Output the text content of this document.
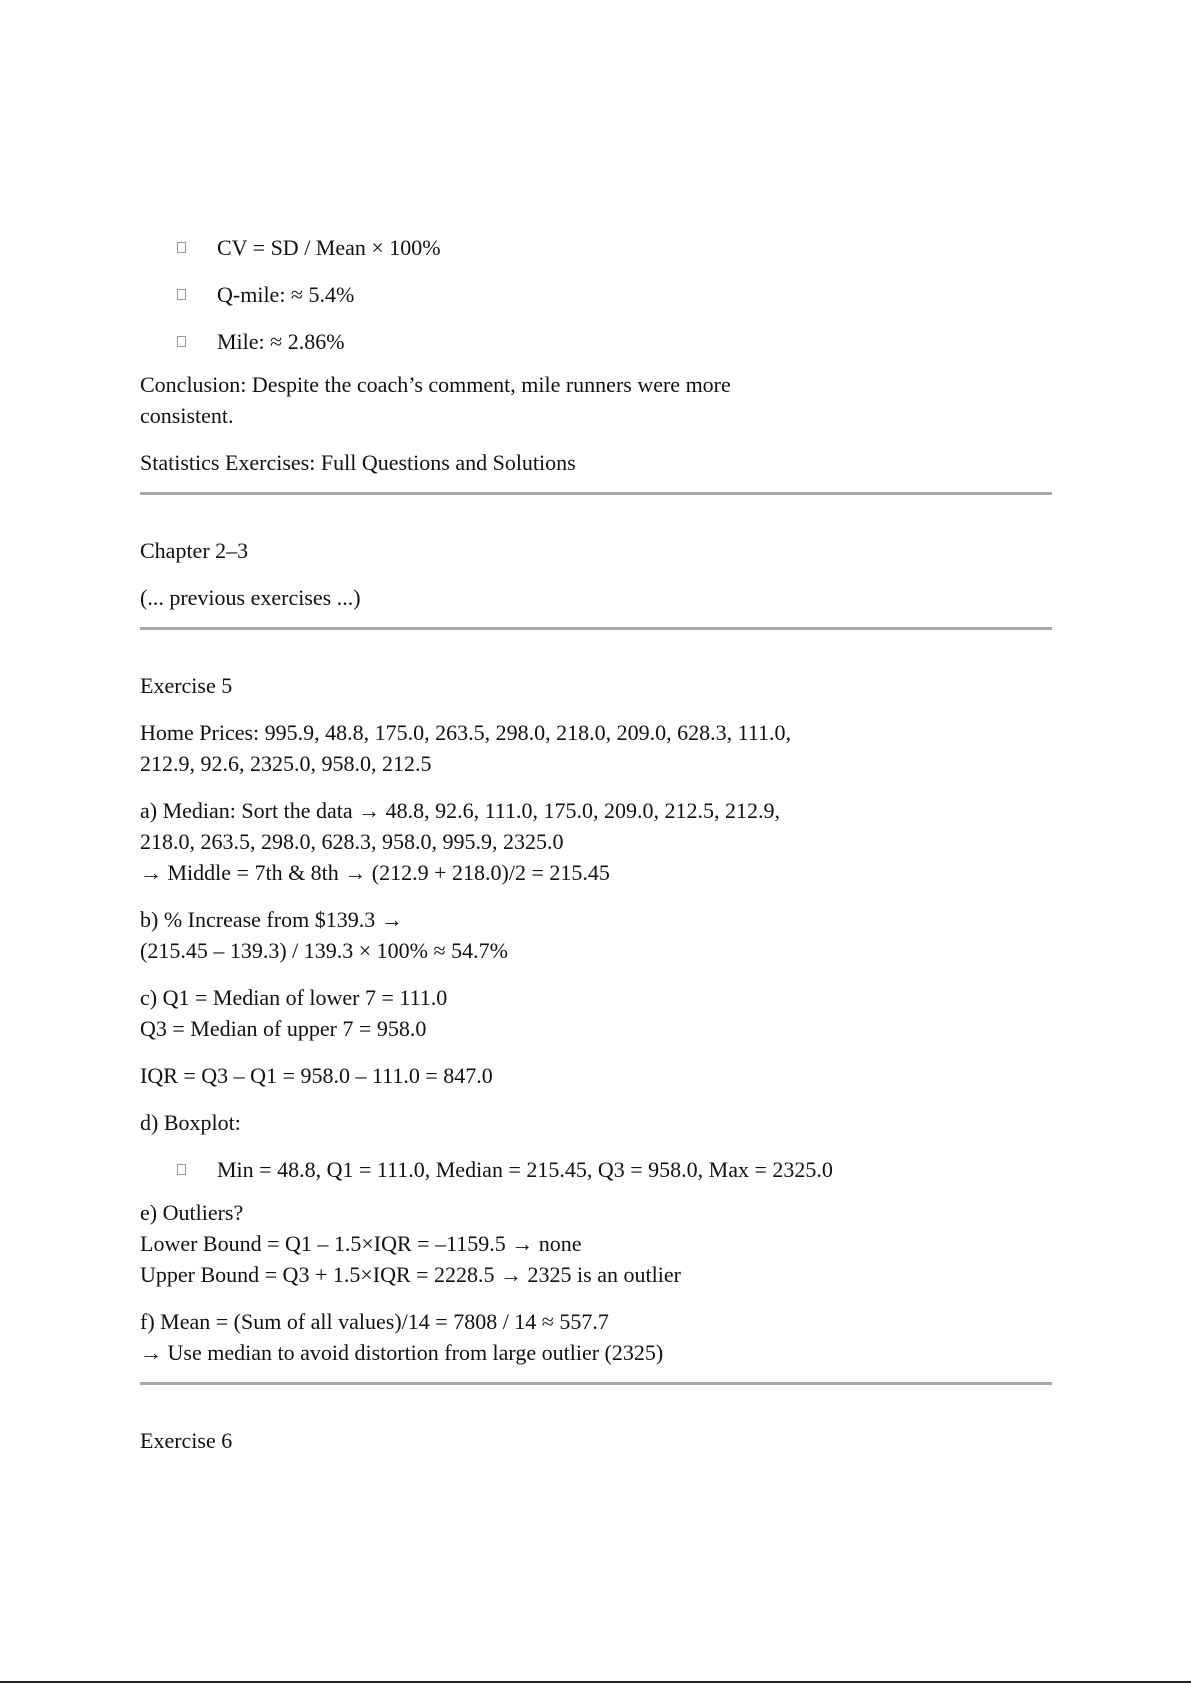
CV = SD / Mean × 100%
Q-mile: ≈ 5.4%
Mile: ≈ 2.86%

Conclusion: Despite the coach’s comment, mile runners were more
consistent.

Statistics Exercises: Full Questions and Solutions

Chapter 2–3

(... previous exercises ...)

Exercise 5

Home Prices: 995.9, 48.8, 175.0, 263.5, 298.0, 218.0, 209.0, 628.3, 111.0,
212.9, 92.6, 2325.0, 958.0, 212.5

a) Median: Sort the data → 48.8, 92.6, 111.0, 175.0, 209.0, 212.5, 212.9,
218.0, 263.5, 298.0, 628.3, 958.0, 995.9, 2325.0
→ Middle = 7th & 8th → (212.9 + 218.0)/2 = 215.45

b) % Increase from $139.3 →
(215.45 – 139.3) / 139.3 × 100% ≈ 54.7%

c) Q1 = Median of lower 7 = 111.0
Q3 = Median of upper 7 = 958.0

IQR = Q3 – Q1 = 958.0 – 111.0 = 847.0

d) Boxplot:

Min = 48.8, Q1 = 111.0, Median = 215.45, Q3 = 958.0, Max = 2325.0

e) Outliers?
Lower Bound = Q1 – 1.5×IQR = –1159.5 → none
Upper Bound = Q3 + 1.5×IQR = 2228.5 → 2325 is an outlier

f) Mean = (Sum of all values)/14 = 7808 / 14 ≈ 557.7
→ Use median to avoid distortion from large outlier (2325)

Exercise 6
